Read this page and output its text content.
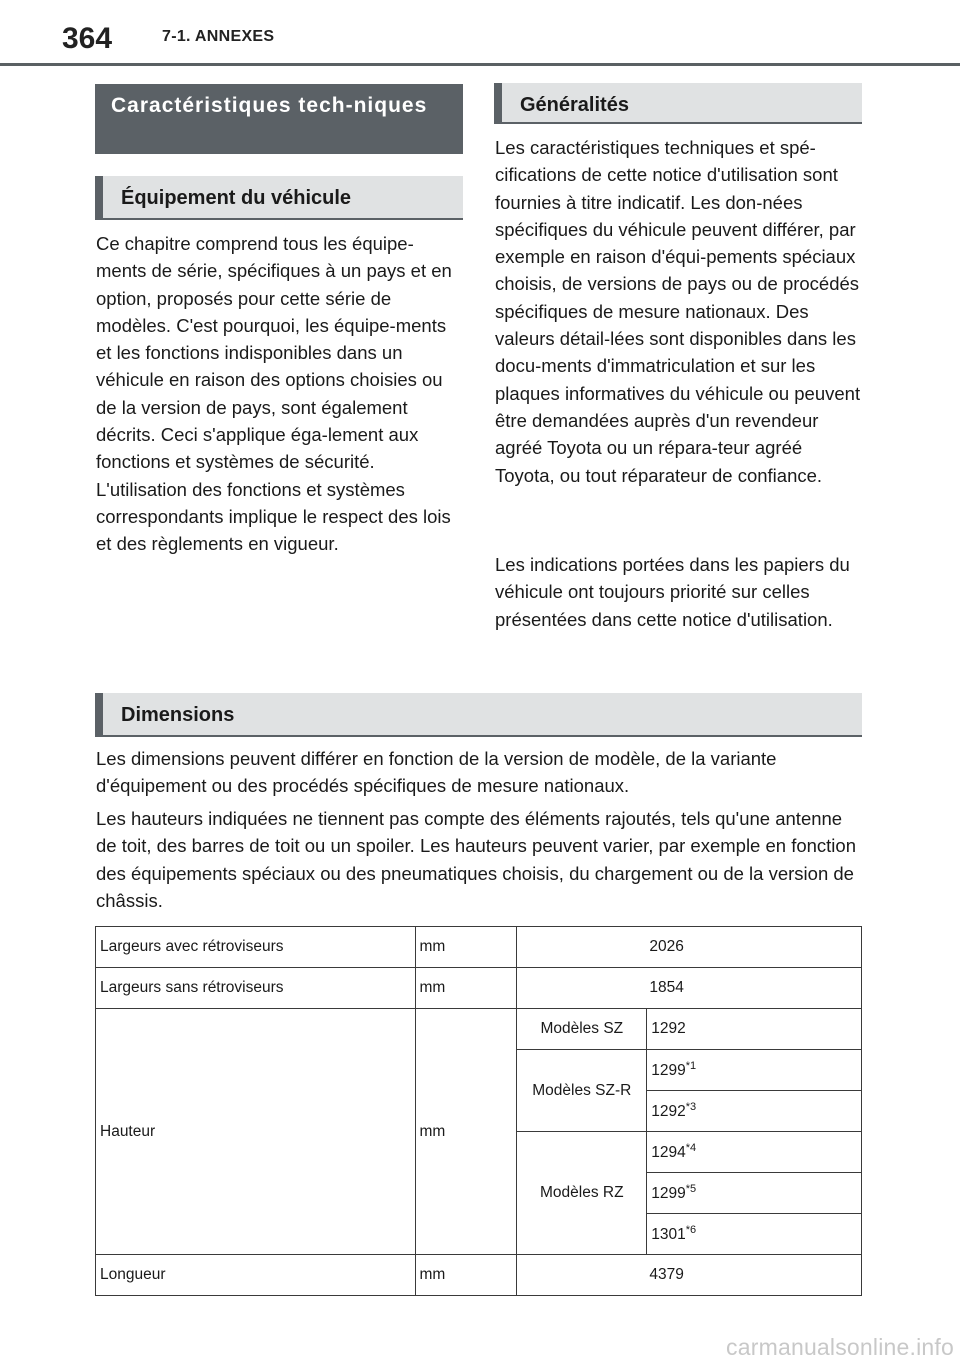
364	7-1. ANNEXES
Caractéristiques tech-niques
Équipement du véhicule

Ce chapitre comprend tous les équipe-ments de série, spécifiques à un pays et en option, proposés pour cette série de modèles. C'est pourquoi, les équipe-ments et les fonctions indisponibles dans un véhicule en raison des options choisies ou de la version de pays, sont également décrits. Ceci s'applique éga-lement aux fonctions et systèmes de sécurité. L'utilisation des fonctions et systèmes correspondants implique le respect des lois et des règlements en vigueur.

Généralités

Les caractéristiques techniques et spé-cifications de cette notice d'utilisation sont fournies à titre indicatif. Les don-nées spécifiques du véhicule peuvent différer, par exemple en raison d'équi-pements spéciaux choisis, de versions de pays ou de procédés spécifiques de mesure nationaux. Des valeurs détail-lées sont disponibles dans les docu-ments d'immatriculation et sur les plaques informatives du véhicule ou peuvent être demandées auprès d'un revendeur agréé Toyota ou un répara-teur agréé Toyota, ou tout réparateur de confiance.

Les indications portées dans les papiers du véhicule ont toujours priorité sur celles présentées dans cette notice d'utilisation.

Dimensions

Les dimensions peuvent différer en fonction de la version de modèle, de la variante d'équipement ou des procédés spécifiques de mesure nationaux.

Les hauteurs indiquées ne tiennent pas compte des éléments rajoutés, tels qu'une antenne de toit, des barres de toit ou un spoiler. Les hauteurs peuvent varier, par exemple en fonction des équipements spéciaux ou des pneumatiques choisis, du chargement ou de la version de châssis.

Largeurs avec rétroviseurs	mm	2026	
Largeurs sans rétroviseurs	mm	1854	
Hauteur	mm	Modèles SZ	1292
		Modèles SZ-R	1299$^{*1}$
			1292$^{*3}$
		Modèles RZ	1294$^{*4}$
			1299$^{*5}$
			1301$^{*6}$
Longueur	mm	4379	
carmanualsonline.info
